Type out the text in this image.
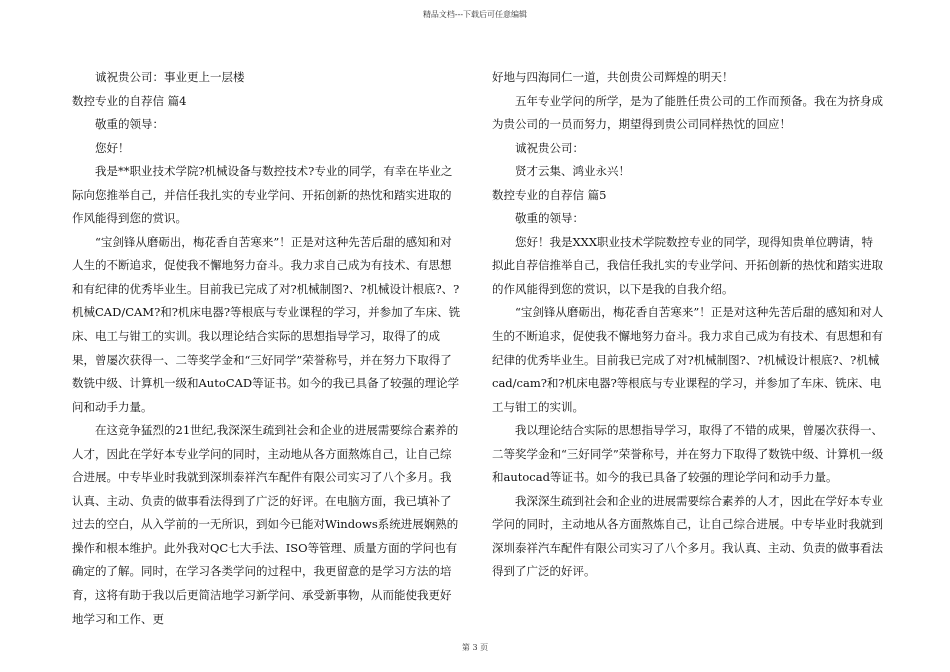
精品文档---下载后可任意编辑

诚祝贵公司：事业更上一层楼

数控专业的自荐信 篇4

敬重的领导：

您好！

我是**职业技术学院?机械设备与数控技术?专业的同学，有幸在毕业之际向您推举自己，并信任我扎实的专业学问、开拓创新的热忱和踏实进取的作风能得到您的赏识。

“宝剑锋从磨砺出，梅花香自苦寒来”！正是对这种先苦后甜的感知和对人生的不断追求，促使我不懈地努力奋斗。我力求自己成为有技术、有思想和有纪律的优秀毕业生。目前我已完成了对?机械制图?、?机械设计根底?、?机械CAD/CAM?和?机床电器?等根底与专业课程的学习，并参加了车床、铣床、电工与钳工的实训。我以理论结合实际的思想指导学习，取得了的成果，曾屡次获得一、二等奖学金和“三好同学”荣誉称号，并在努力下取得了数铣中级、计算机一级和AutoCAD等证书。如今的我已具备了较强的理论学问和动手力量。

在这竞争猛烈的21世纪,我深深生疏到社会和企业的进展需要综合素养的人才，因此在学好本专业学问的同时，主动地从各方面熬炼自己，让自己综合进展。中专毕业时我就到深圳泰祥汽车配件有限公司实习了八个多月。我认真、主动、负责的做事看法得到了广泛的好评。在电脑方面，我已填补了过去的空白，从入学前的一无所识，到如今已能对Windows系统进展娴熟的操作和根本维护。此外我对QC七大手法、ISO等管理、质量方面的学问也有确定的了解。同时，在学习各类学问的过程中，我更留意的是学习方法的培育，这将有助于我以后更简洁地学习新学问、承受新事物，从而能使我更好地学习和工作、更

好地与四海同仁一道，共创贵公司辉煌的明天！

五年专业学问的所学，是为了能胜任贵公司的工作而预备。我在为挤身成为贵公司的一员而努力，期望得到贵公司同样热忱的回应！

诚祝贵公司：

贤才云集、鸿业永兴！

数控专业的自荐信 篇5

敬重的领导：

您好！我是XXX职业技术学院数控专业的同学，现得知贵单位聘请，特拟此自荐信推举自己，我信任我扎实的专业学问、开拓创新的热忱和踏实进取的作风能得到您的赏识，以下是我的自我介绍。

“宝剑锋从磨砺出，梅花香自苦寒来”！正是对这种先苦后甜的感知和对人生的不断追求，促使我不懈地努力奋斗。我力求自己成为有技术、有思想和有纪律的优秀毕业生。目前我已完成了对?机械制图?、?机械设计根底?、?机械cad/cam?和?机床电器?等根底与专业课程的学习，并参加了车床、铣床、电工与钳工的实训。

我以理论结合实际的思想指导学习，取得了不错的成果，曾屡次获得一、二等奖学金和“三好同学”荣誉称号，并在努力下取得了数铣中级、计算机一级和autocad等证书。如今的我已具备了较强的理论学问和动手力量。

我深深生疏到社会和企业的进展需要综合素养的人才，因此在学好本专业学问的同时，主动地从各方面熬炼自己，让自己综合进展。中专毕业时我就到深圳泰祥汽车配件有限公司实习了八个多月。我认真、主动、负责的做事看法得到了广泛的好评。

第 3 页
